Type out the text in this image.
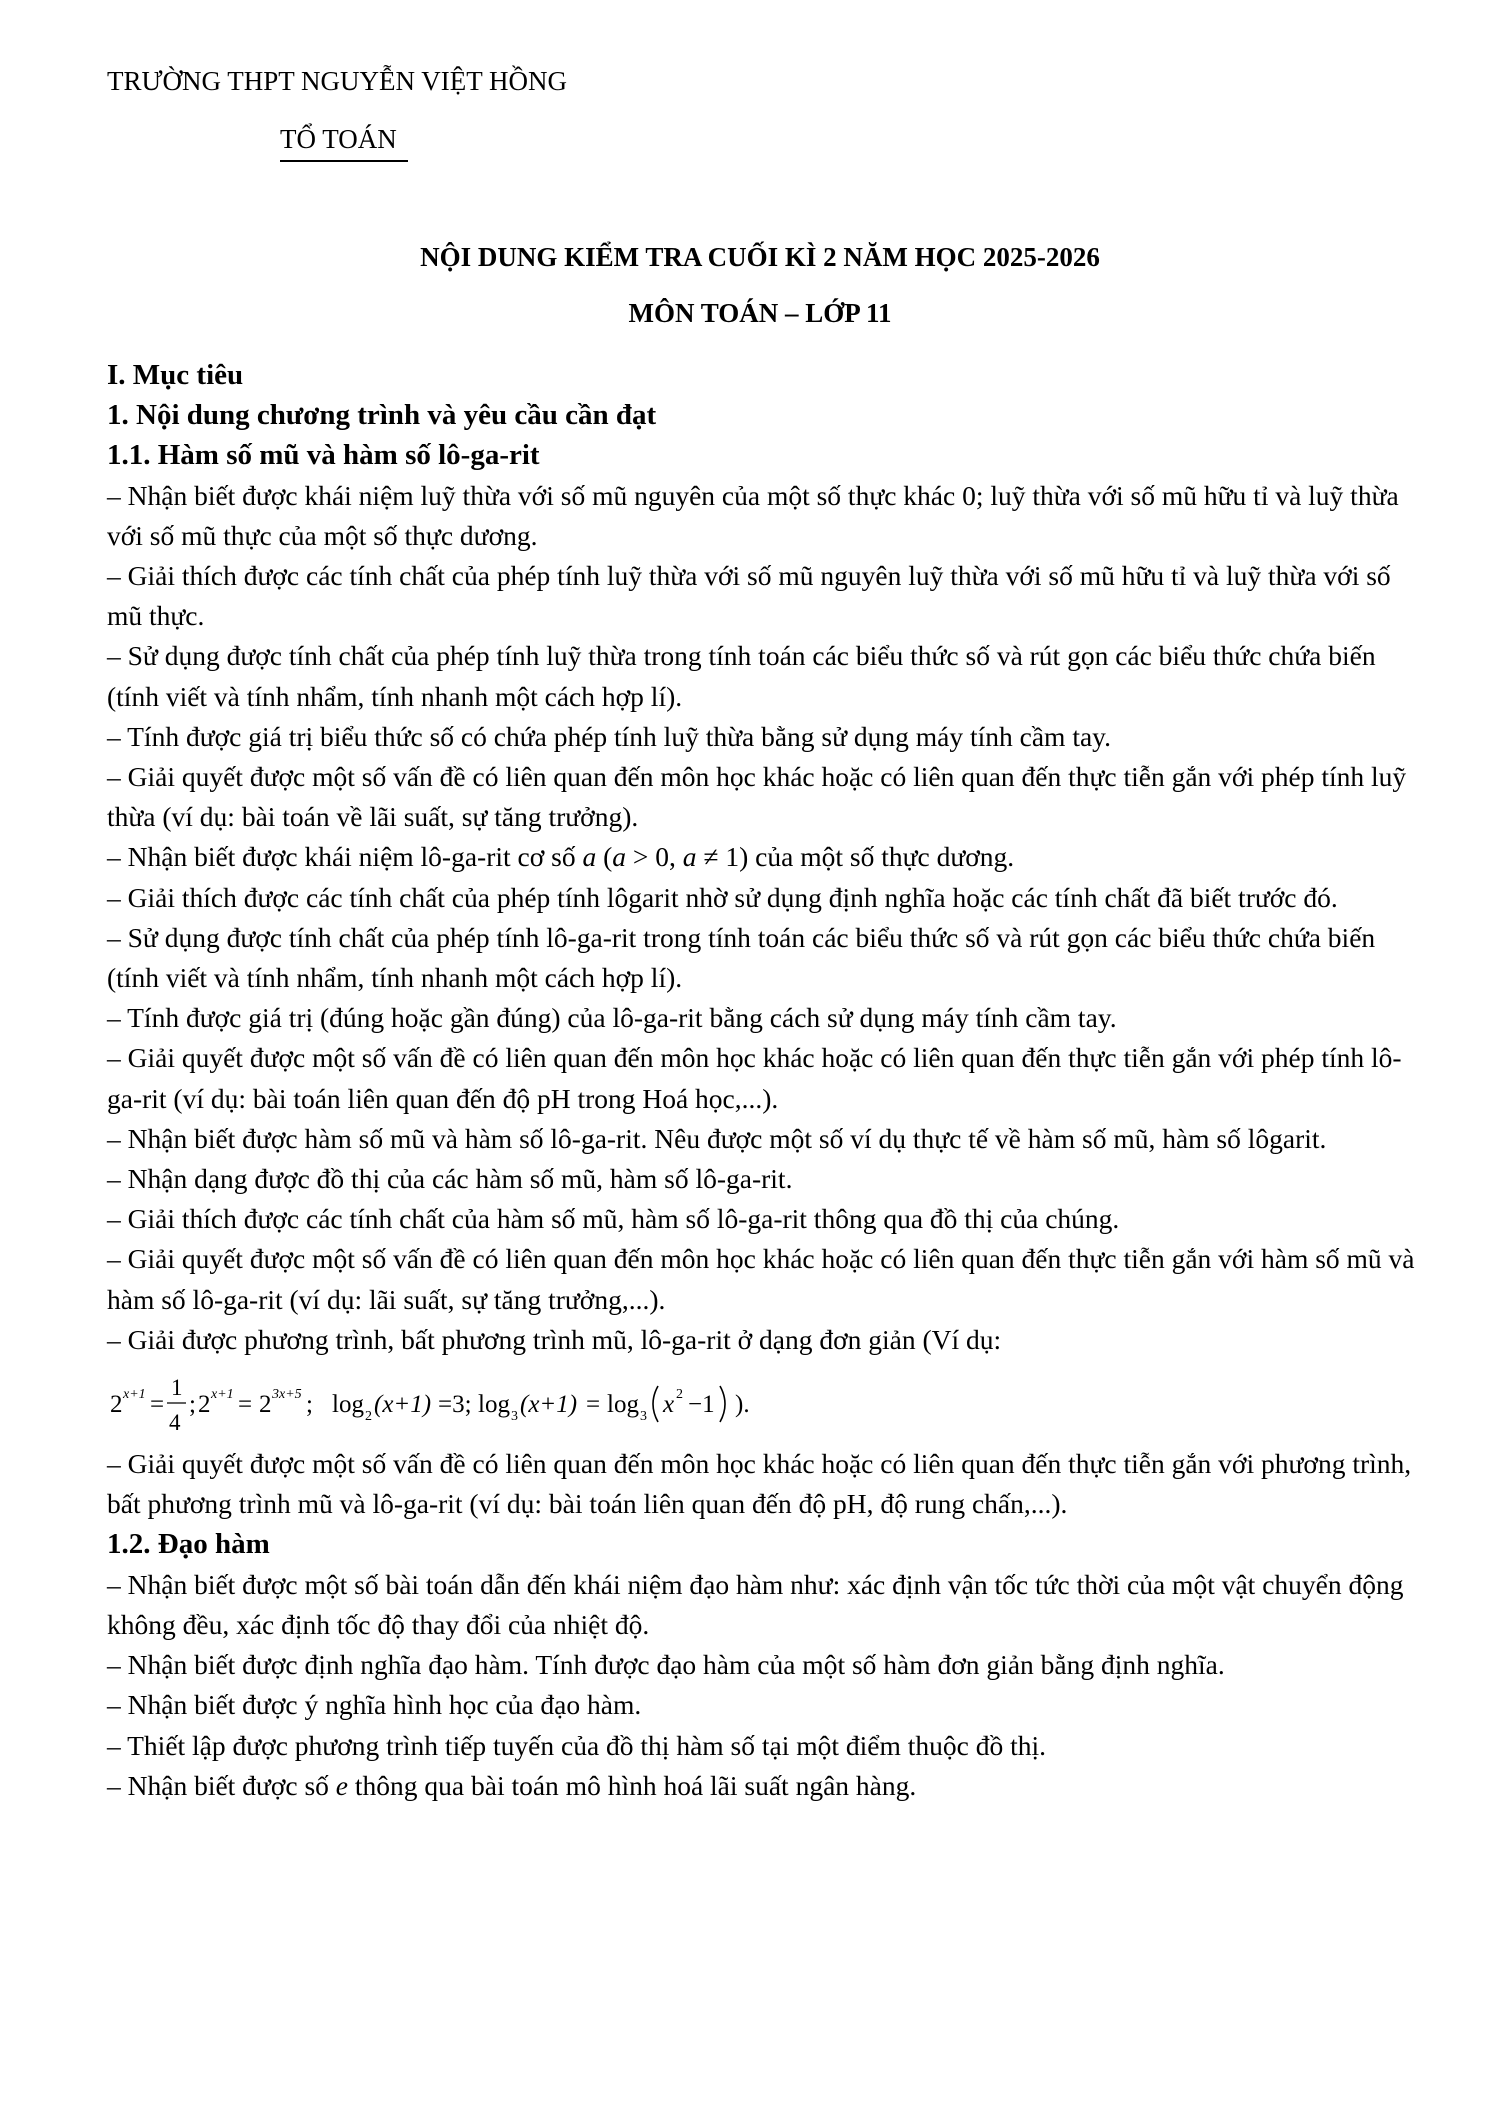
TRƯỜNG THPT NGUYỄN VIỆT HỒNG
TỔ TOÁN
NỘI DUNG KIỂM TRA CUỐI KÌ 2 NĂM HỌC 2025-2026
MÔN TOÁN – LỚP 11

I. Mục tiêu

1. Nội dung chương trình và yêu cầu cần đạt

1.1. Hàm số mũ và hàm số lô-ga-rit

– Nhận biết được khái niệm luỹ thừa với số mũ nguyên của một số thực khác 0; luỹ thừa với số mũ hữu tỉ và luỹ thừa với số mũ thực của một số thực dương.

– Giải thích được các tính chất của phép tính luỹ thừa với số mũ nguyên luỹ thừa với số mũ hữu tỉ và luỹ thừa với số mũ thực.

– Sử dụng được tính chất của phép tính luỹ thừa trong tính toán các biểu thức số và rút gọn các biểu thức chứa biến (tính viết và tính nhẩm, tính nhanh một cách hợp lí).

– Tính được giá trị biểu thức số có chứa phép tính luỹ thừa bằng sử dụng máy tính cầm tay.

– Giải quyết được một số vấn đề có liên quan đến môn học khác hoặc có liên quan đến thực tiễn gắn với phép tính luỹ thừa (ví dụ: bài toán về lãi suất, sự tăng trưởng).

– Nhận biết được khái niệm lô-ga-rit cơ số a (a > 0, a ≠ 1) của một số thực dương.

– Giải thích được các tính chất của phép tính lôgarit nhờ sử dụng định nghĩa hoặc các tính chất đã biết trước đó.

– Sử dụng được tính chất của phép tính lô-ga-rit trong tính toán các biểu thức số và rút gọn các biểu thức chứa biến (tính viết và tính nhẩm, tính nhanh một cách hợp lí).

– Tính được giá trị (đúng hoặc gần đúng) của lô-ga-rit bằng cách sử dụng máy tính cầm tay.

– Giải quyết được một số vấn đề có liên quan đến môn học khác hoặc có liên quan đến thực tiễn gắn với phép tính lô-ga-rit (ví dụ: bài toán liên quan đến độ pH trong Hoá học,...).

– Nhận biết được hàm số mũ và hàm số lô-ga-rit. Nêu được một số ví dụ thực tế về hàm số mũ, hàm số lôgarit.

– Nhận dạng được đồ thị của các hàm số mũ, hàm số lô-ga-rit.

– Giải thích được các tính chất của hàm số mũ, hàm số lô-ga-rit thông qua đồ thị của chúng.

– Giải quyết được một số vấn đề có liên quan đến môn học khác hoặc có liên quan đến thực tiễn gắn với hàm số mũ và hàm số lô-ga-rit (ví dụ: lãi suất, sự tăng trưởng,...).

– Giải được phương trình, bất phương trình mũ, lô-ga-rit ở dạng đơn giản (Ví dụ:

2 x+1 =
1
4
; 2 x+1 = 2 3x+5 ; log 2 (x+1) =3; log 3 (x+1) = log 3 x 2 −1 ).

– Giải quyết được một số vấn đề có liên quan đến môn học khác hoặc có liên quan đến thực tiễn gắn với phương trình, bất phương trình mũ và lô-ga-rit (ví dụ: bài toán liên quan đến độ pH, độ rung chấn,...).

1.2. Đạo hàm

– Nhận biết được một số bài toán dẫn đến khái niệm đạo hàm như: xác định vận tốc tức thời của một vật chuyển động không đều, xác định tốc độ thay đổi của nhiệt độ.

– Nhận biết được định nghĩa đạo hàm. Tính được đạo hàm của một số hàm đơn giản bằng định nghĩa.

– Nhận biết được ý nghĩa hình học của đạo hàm.

– Thiết lập được phương trình tiếp tuyến của đồ thị hàm số tại một điểm thuộc đồ thị.

– Nhận biết được số e thông qua bài toán mô hình hoá lãi suất ngân hàng.
